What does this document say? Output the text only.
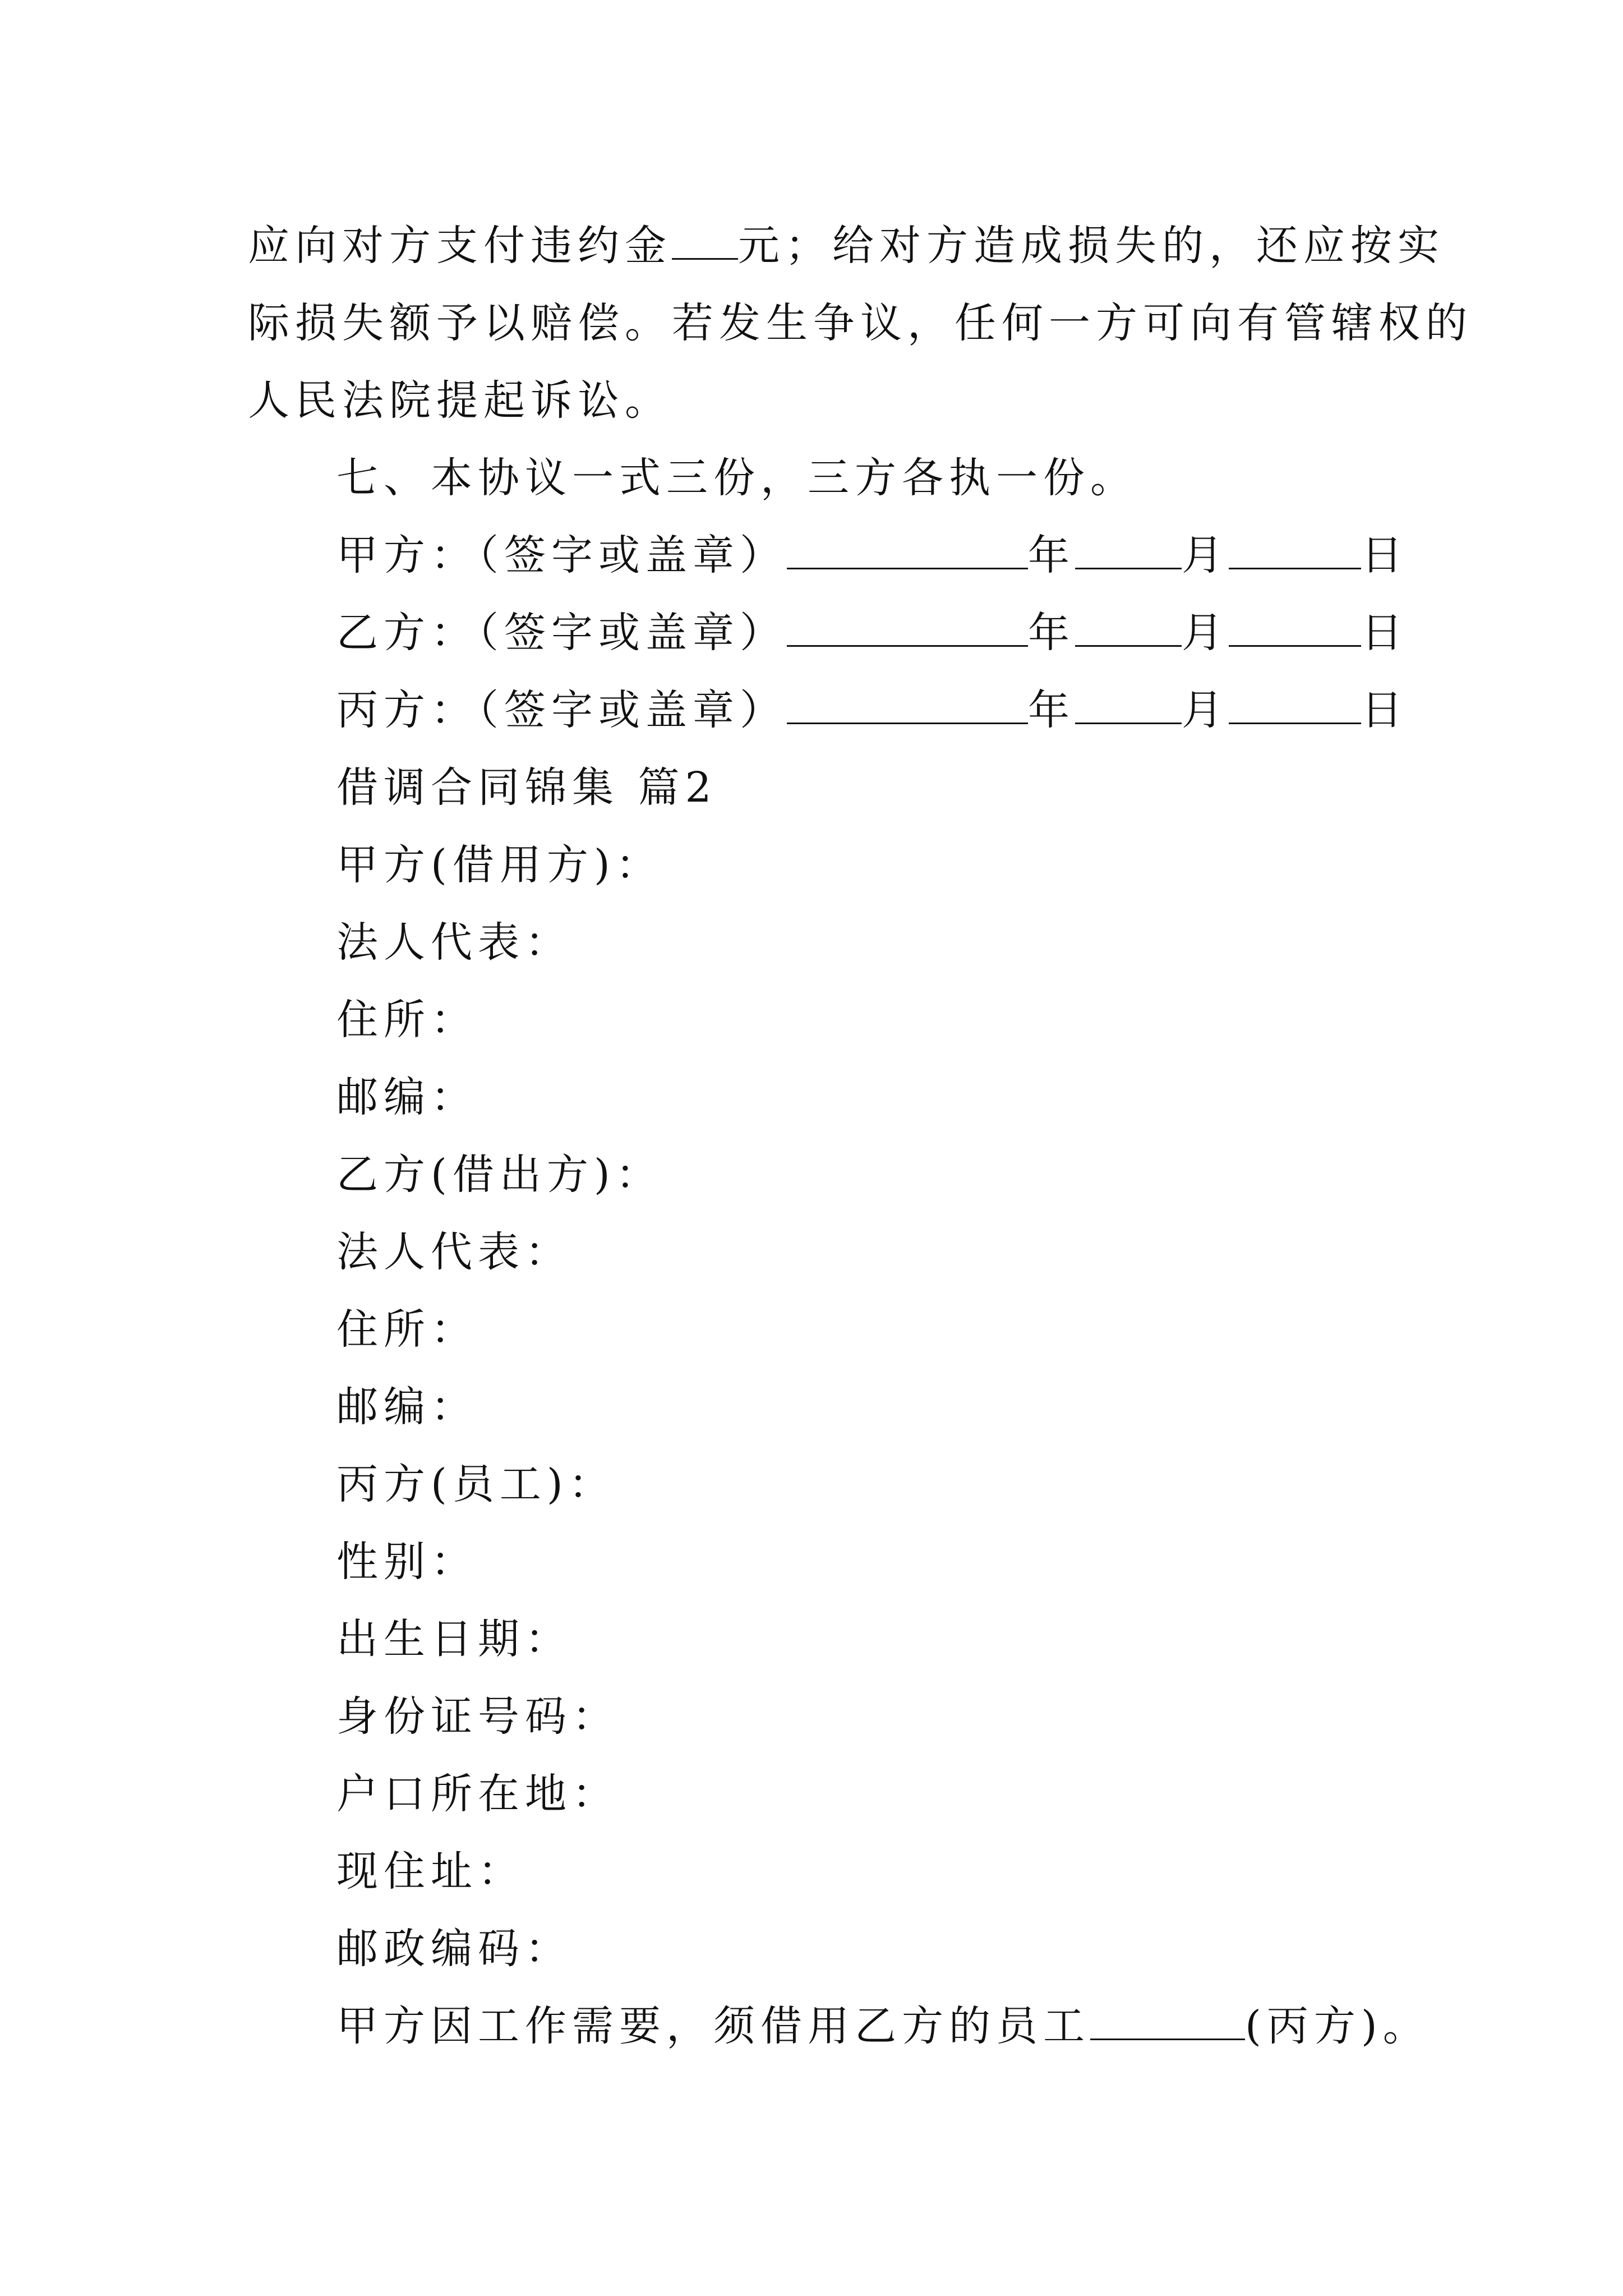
应向对方支付违约金 元；给对方造成损失的，还应按实
际损失额予以赔偿。若发生争议，任何一方可向有管辖权的
人民法院提起诉讼。
七、本协议一式三份，三方各执一份。
甲方：（签字或盖章）	年	月	日
乙方：（签字或盖章）	年	月	日
丙方：（签字或盖章）	年	月	日
借调合同锦集 篇2
甲方(借用方)：
法人代表：
住所：
邮编：
乙方(借出方)：
法人代表：
住所：
邮编：
丙方(员工)：
性别：
出生日期：
身份证号码：
户口所在地：
现住址：
邮政编码：
甲方因工作需要，须借用乙方的员工	(丙方)。
